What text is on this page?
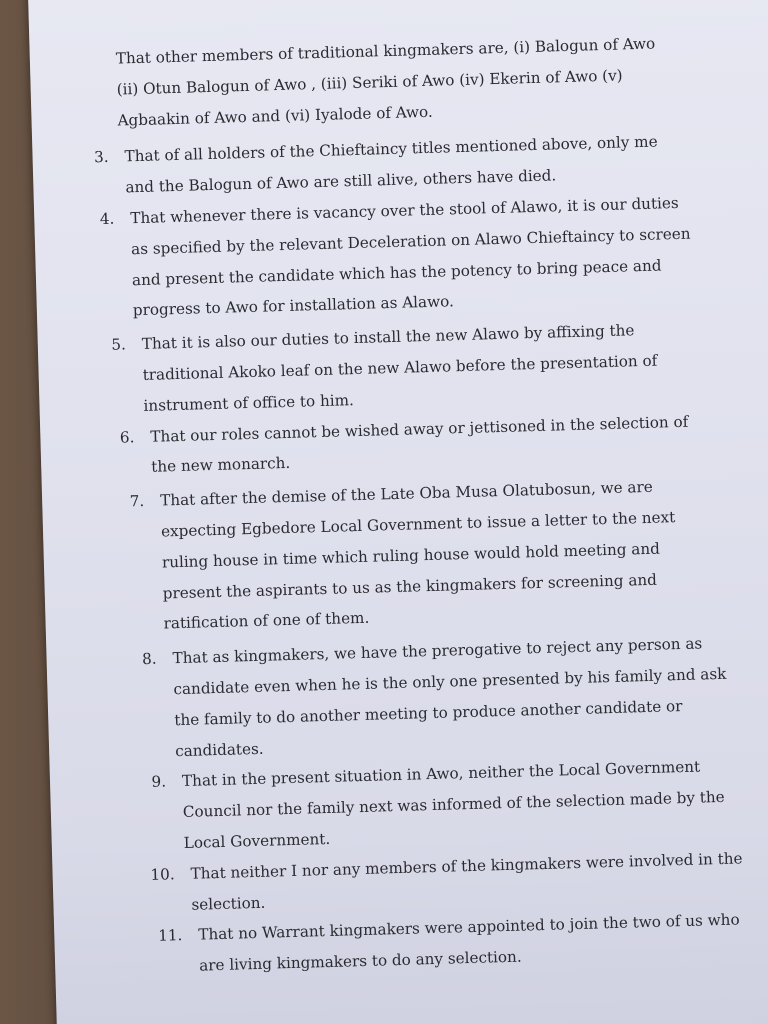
That other members of traditional kingmakers are, (i) Balogun of Awo
(ii) Otun Balogun of Awo , (iii) Seriki of Awo (iv) Ekerin of Awo (v)
Agbaakin of Awo and (vi) Iyalode of Awo.
3. That of all holders of the Chieftaincy titles mentioned above, only me
and the Balogun of Awo are still alive, others have died.
4. That whenever there is vacancy over the stool of Alawo, it is our duties
as specified by the relevant Deceleration on Alawo Chieftaincy to screen
and present the candidate which has the potency to bring peace and
progress to Awo for installation as Alawo.
5. That it is also our duties to install the new Alawo by affixing the
traditional Akoko leaf on the new Alawo before the presentation of
instrument of office to him.
6. That our roles cannot be wished away or jettisoned in the selection of
the new monarch.
7. That after the demise of the Late Oba Musa Olatubosun, we are
expecting Egbedore Local Government to issue a letter to the next
ruling house in time which ruling house would hold meeting and
present the aspirants to us as the kingmakers for screening and
ratification of one of them.
8. That as kingmakers, we have the prerogative to reject any person as
candidate even when he is the only one presented by his family and ask
the family to do another meeting to produce another candidate or
candidates.
9. That in the present situation in Awo, neither the Local Government
Council nor the family next was informed of the selection made by the
Local Government.
10. That neither I nor any members of the kingmakers were involved in the
selection.
11. That no Warrant kingmakers were appointed to join the two of us who
are living kingmakers to do any selection.
